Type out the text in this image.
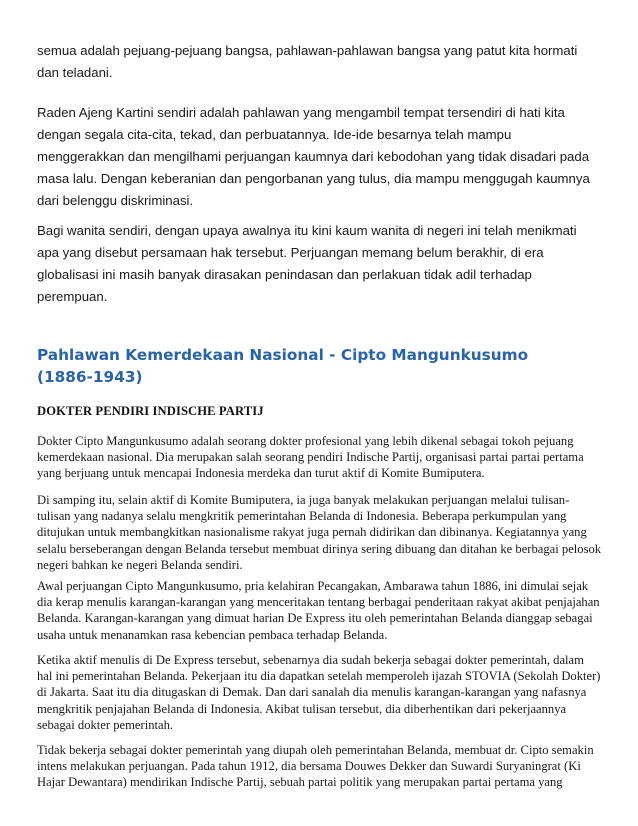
semua adalah pejuang-pejuang bangsa, pahlawan-pahlawan bangsa yang patut kita hormati dan teladani.

Raden Ajeng Kartini sendiri adalah pahlawan yang mengambil tempat tersendiri di hati kita dengan segala cita-cita, tekad, dan perbuatannya. Ide-ide besarnya telah mampu menggerakkan dan mengilhami perjuangan kaumnya dari kebodohan yang tidak disadari pada masa lalu. Dengan keberanian dan pengorbanan yang tulus, dia mampu menggugah kaumnya dari belenggu diskriminasi.

Bagi wanita sendiri, dengan upaya awalnya itu kini kaum wanita di negeri ini telah menikmati apa yang disebut persamaan hak tersebut. Perjuangan memang belum berakhir, di era globalisasi ini masih banyak dirasakan penindasan dan perlakuan tidak adil terhadap perempuan.

Pahlawan Kemerdekaan Nasional - Cipto Mangunkusumo (1886-1943)
DOKTER PENDIRI INDISCHE PARTIJ

Dokter Cipto Mangunkusumo adalah seorang dokter profesional yang lebih dikenal sebagai tokoh pejuang kemerdekaan nasional. Dia merupakan salah seorang pendiri Indische Partij, organisasi partai partai pertama yang berjuang untuk mencapai Indonesia merdeka dan turut aktif di Komite Bumiputera.

Di samping itu, selain aktif di Komite Bumiputera, ia juga banyak melakukan perjuangan melalui tulisan-tulisan yang nadanya selalu mengkritik pemerintahan Belanda di Indonesia. Beberapa perkumpulan yang ditujukan untuk membangkitkan nasionalisme rakyat juga pernah didirikan dan dibinanya. Kegiatannya yang selalu berseberangan dengan Belanda tersebut membuat dirinya sering dibuang dan ditahan ke berbagai pelosok negeri bahkan ke negeri Belanda sendiri.

Awal perjuangan Cipto Mangunkusumo, pria kelahiran Pecangakan, Ambarawa tahun 1886, ini dimulai sejak dia kerap menulis karangan-karangan yang menceritakan tentang berbagai penderitaan rakyat akibat penjajahan Belanda. Karangan-karangan yang dimuat harian De Express itu oleh pemerintahan Belanda dianggap sebagai usaha untuk menanamkan rasa kebencian pembaca terhadap Belanda.

Ketika aktif menulis di De Express tersebut, sebenarnya dia sudah bekerja sebagai dokter pemerintah, dalam hal ini pemerintahan Belanda. Pekerjaan itu dia dapatkan setelah memperoleh ijazah STOVIA (Sekolah Dokter) di Jakarta. Saat itu dia ditugaskan di Demak. Dan dari sanalah dia menulis karangan-karangan yang nafasnya mengkritik penjajahan Belanda di Indonesia. Akibat tulisan tersebut, dia diberhentikan dari pekerjaannya sebagai dokter pemerintah.

Tidak bekerja sebagai dokter pemerintah yang diupah oleh pemerintahan Belanda, membuat dr. Cipto semakin intens melakukan perjuangan. Pada tahun 1912, dia bersama Douwes Dekker dan Suwardi Suryaningrat (Ki Hajar Dewantara) mendirikan Indische Partij, sebuah partai politik yang merupakan partai pertama yang
